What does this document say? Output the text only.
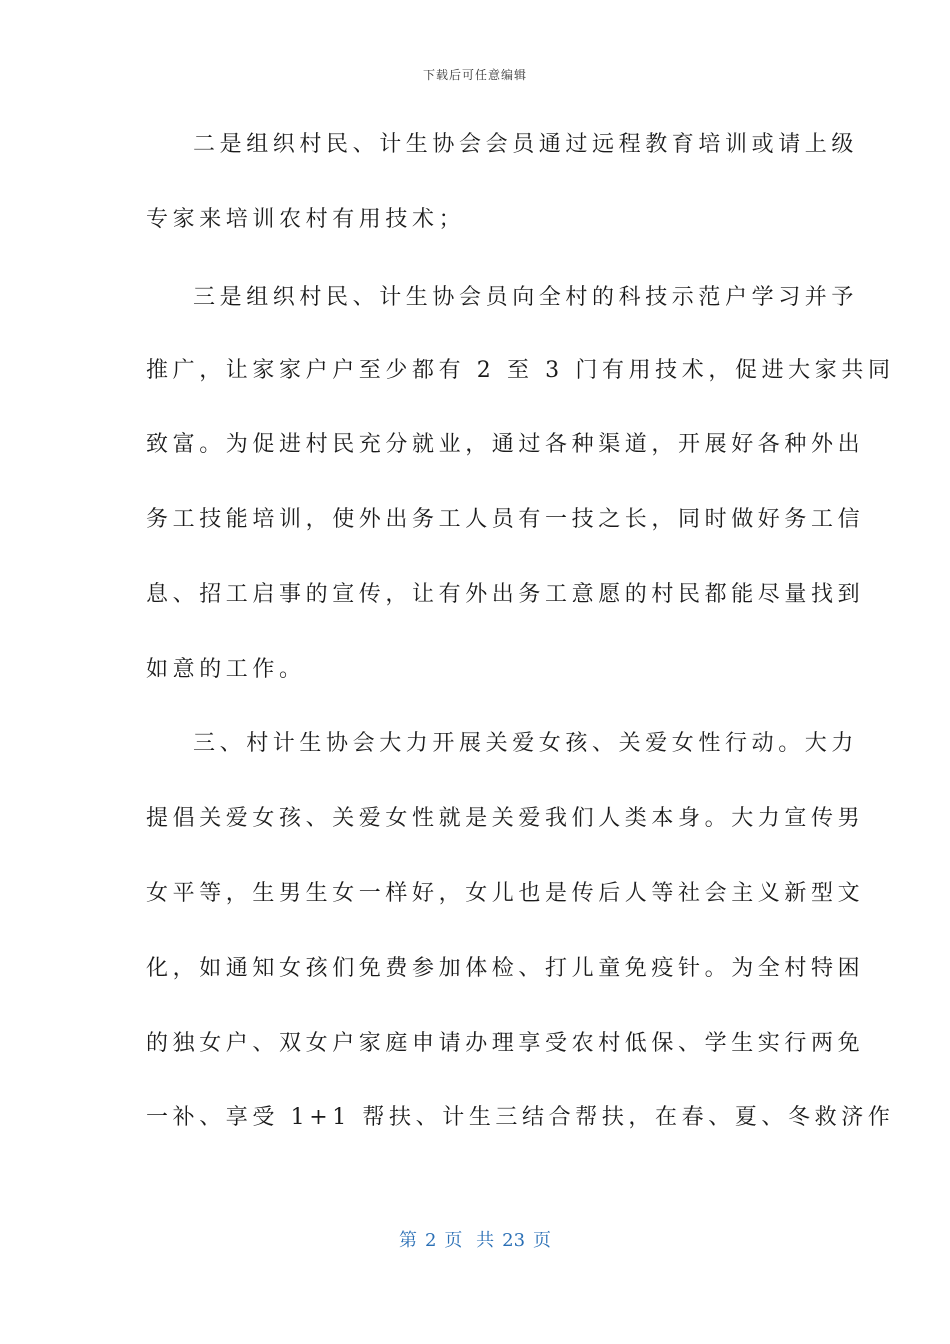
下载后可任意编辑
二是组织村民、计生协会会员通过远程教育培训或请上级
专家来培训农村有用技术；
三是组织村民、计生协会员向全村的科技示范户学习并予
推广，让家家户户至少都有 2 至 3 门有用技术，促进大家共同
致富。为促进村民充分就业，通过各种渠道，开展好各种外出
务工技能培训，使外出务工人员有一技之长，同时做好务工信
息、招工启事的宣传，让有外出务工意愿的村民都能尽量找到
如意的工作。
三、村计生协会大力开展关爱女孩、关爱女性行动。大力
提倡关爱女孩、关爱女性就是关爱我们人类本身。大力宣传男
女平等，生男生女一样好，女儿也是传后人等社会主义新型文
化，如通知女孩们免费参加体检、打儿童免疫针。为全村特困
的独女户、双女户家庭申请办理享受农村低保、学生实行两免
一补、享受 1+1 帮扶、计生三结合帮扶，在春、夏、冬救济作
第 2 页 共 23 页
